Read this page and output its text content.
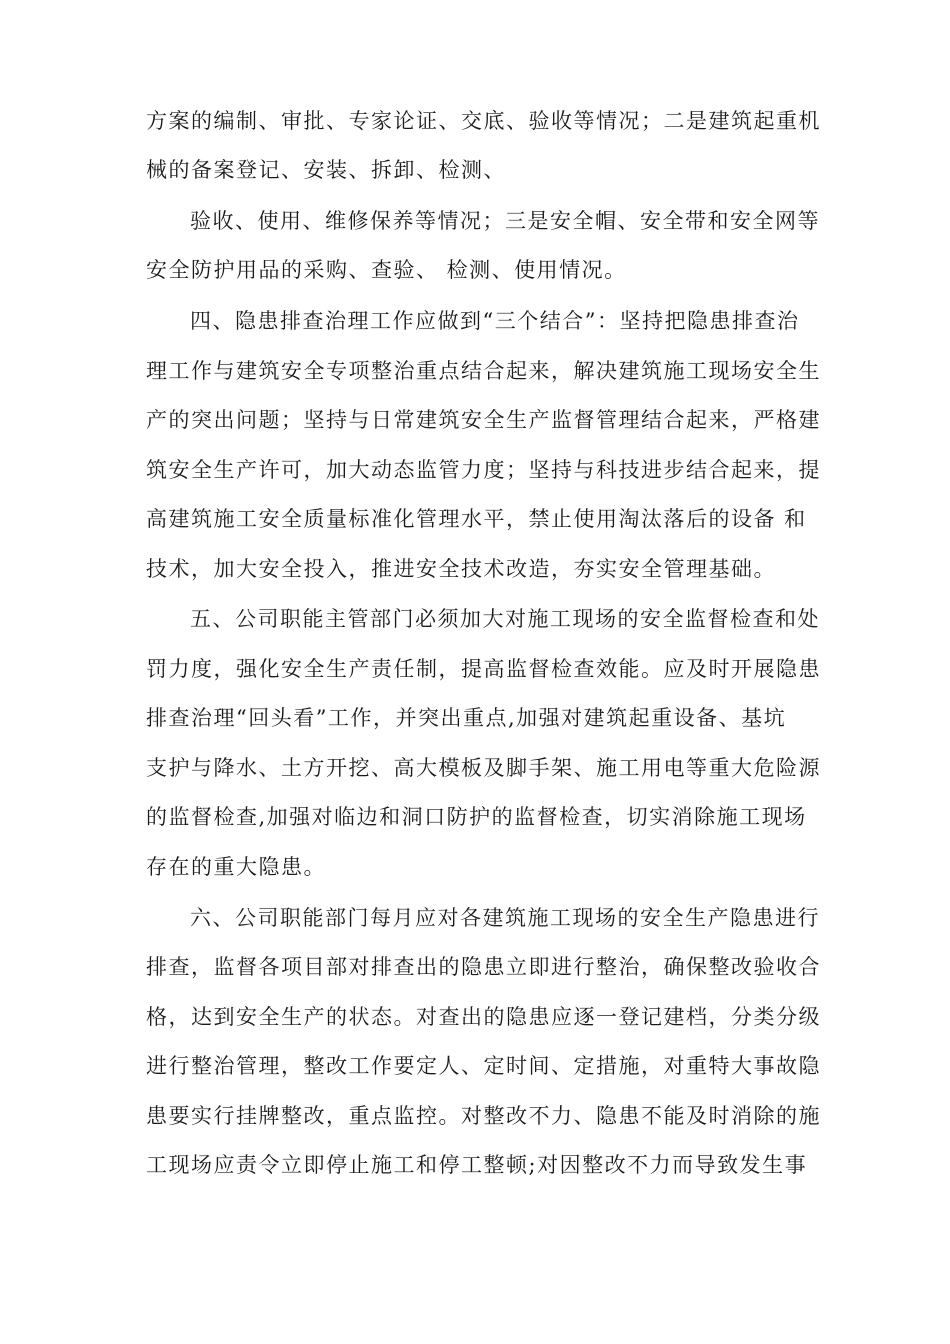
方案的编制、审批、专家论证、交底、验收等情况；二是建筑起重机
械的备案登记、安装、拆卸、检测、
验收、使用、维修保养等情况；三是安全帽、安全带和安全网等
安全防护用品的采购、查验、 检测、使用情况。
四、隐患排查治理工作应做到“三个结合”：坚持把隐患排查治
理工作与建筑安全专项整治重点结合起来，解决建筑施工现场安全生
产的突出问题；坚持与日常建筑安全生产监督管理结合起来，严格建
筑安全生产许可，加大动态监管力度；坚持与科技进步结合起来，提
高建筑施工安全质量标准化管理水平，禁止使用淘汰落后的设备 和
技术，加大安全投入，推进安全技术改造，夯实安全管理基础。
五、公司职能主管部门必须加大对施工现场的安全监督检查和处
罚力度，强化安全生产责任制，提高监督检查效能。应及时开展隐患
排查治理“回头看”工作，并突出重点,加强对建筑起重设备、基坑
支护与降水、土方开挖、高大模板及脚手架、施工用电等重大危险源
的监督检查,加强对临边和洞口防护的监督检查，切实消除施工现场
存在的重大隐患。
六、公司职能部门每月应对各建筑施工现场的安全生产隐患进行
排查，监督各项目部对排查出的隐患立即进行整治，确保整改验收合
格，达到安全生产的状态。对查出的隐患应逐一登记建档，分类分级
进行整治管理，整改工作要定人、定时间、定措施，对重特大事故隐
患要实行挂牌整改，重点监控。对整改不力、隐患不能及时消除的施
工现场应责令立即停止施工和停工整顿;对因整改不力而导致发生事
